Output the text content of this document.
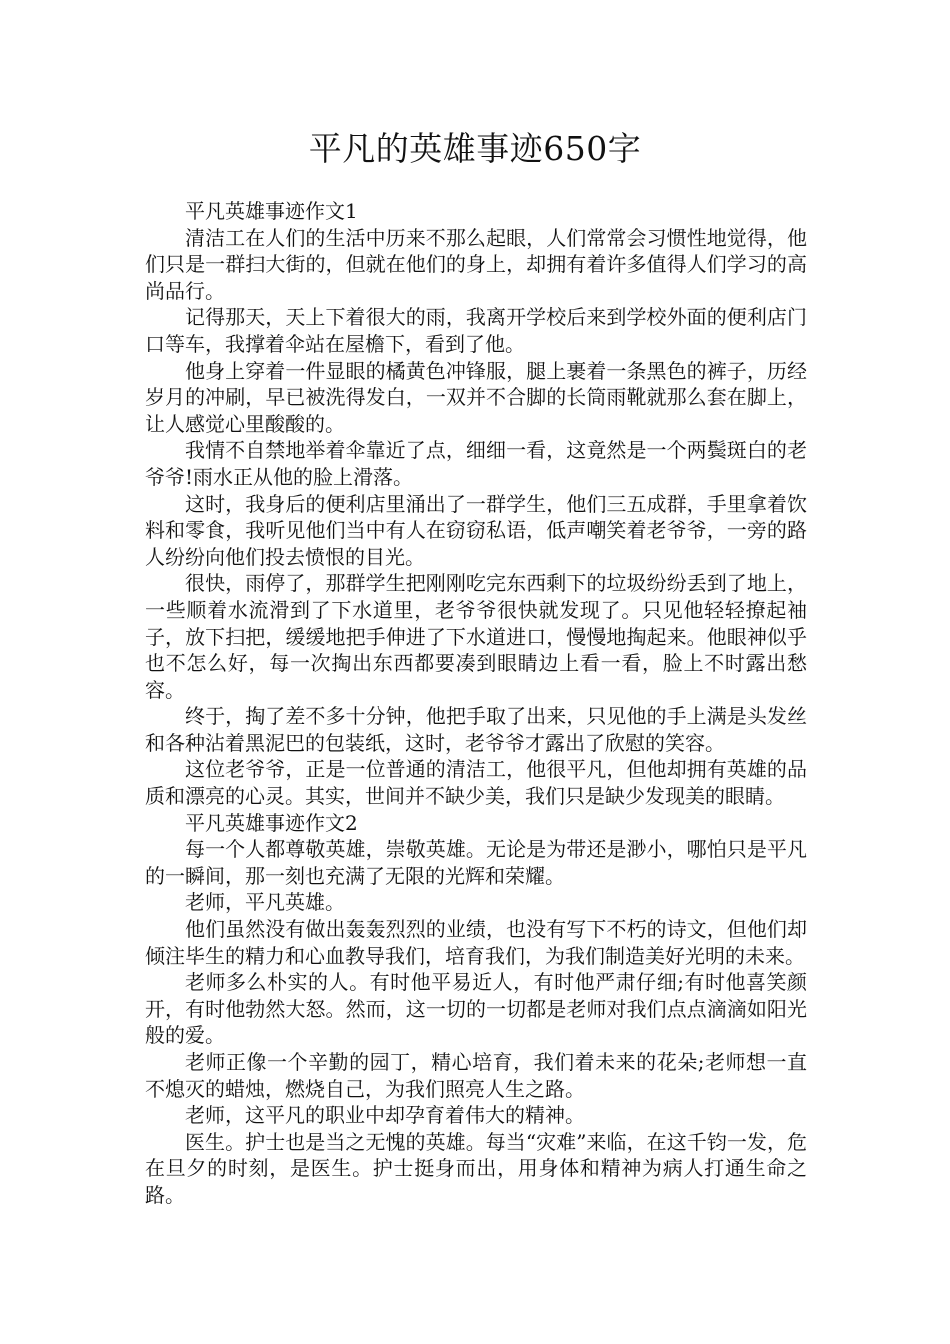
平凡的英雄事迹650字

平凡英雄事迹作文1

清洁工在人们的生活中历来不那么起眼，人们常常会习惯性地觉得，他们只是一群扫大街的，但就在他们的身上，却拥有着许多值得人们学习的高尚品行。

记得那天，天上下着很大的雨，我离开学校后来到学校外面的便利店门口等车，我撑着伞站在屋檐下，看到了他。

他身上穿着一件显眼的橘黄色冲锋服，腿上裹着一条黑色的裤子，历经岁月的冲刷，早已被洗得发白，一双并不合脚的长筒雨靴就那么套在脚上，让人感觉心里酸酸的。

我情不自禁地举着伞靠近了点，细细一看，这竟然是一个两鬓斑白的老爷爷!雨水正从他的脸上滑落。

这时，我身后的便利店里涌出了一群学生，他们三五成群，手里拿着饮料和零食，我听见他们当中有人在窃窃私语，低声嘲笑着老爷爷，一旁的路人纷纷向他们投去愤恨的目光。

很快，雨停了，那群学生把刚刚吃完东西剩下的垃圾纷纷丢到了地上，一些顺着水流滑到了下水道里，老爷爷很快就发现了。只见他轻轻撩起袖子，放下扫把，缓缓地把手伸进了下水道进口，慢慢地掏起来。他眼神似乎也不怎么好，每一次掏出东西都要凑到眼睛边上看一看，脸上不时露出愁容。

终于，掏了差不多十分钟，他把手取了出来，只见他的手上满是头发丝和各种沾着黑泥巴的包装纸，这时，老爷爷才露出了欣慰的笑容。

这位老爷爷，正是一位普通的清洁工，他很平凡，但他却拥有英雄的品质和漂亮的心灵。其实，世间并不缺少美，我们只是缺少发现美的眼睛。

平凡英雄事迹作文2

每一个人都尊敬英雄，崇敬英雄。无论是为带还是渺小，哪怕只是平凡的一瞬间，那一刻也充满了无限的光辉和荣耀。

老师，平凡英雄。

他们虽然没有做出轰轰烈烈的业绩，也没有写下不朽的诗文，但他们却倾注毕生的精力和心血教导我们，培育我们，为我们制造美好光明的未来。

老师多么朴实的人。有时他平易近人，有时他严肃仔细;有时他喜笑颜开，有时他勃然大怒。然而，这一切的一切都是老师对我们点点滴滴如阳光般的爱。

老师正像一个辛勤的园丁，精心培育，我们着未来的花朵;老师想一直不熄灭的蜡烛，燃烧自己，为我们照亮人生之路。

老师，这平凡的职业中却孕育着伟大的精神。

医生。护士也是当之无愧的英雄。每当“灾难”来临，在这千钧一发，危在旦夕的时刻，是医生。护士挺身而出，用身体和精神为病人打通生命之路。
